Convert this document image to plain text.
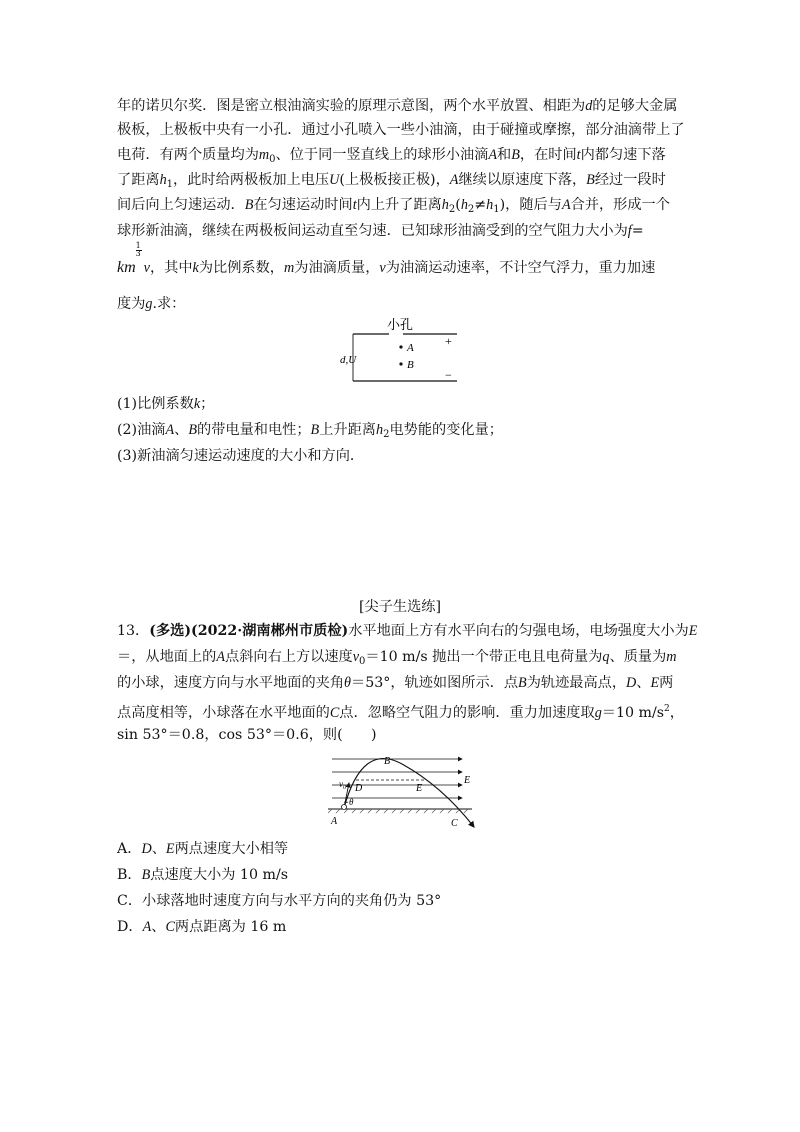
年的诺贝尔奖．图是密立根油滴实验的原理示意图，两个水平放置、相距为d的足够大金属
极板，上极板中央有一小孔．通过小孔喷入一些小油滴，由于碰撞或摩擦，部分油滴带上了
电荷．有两个质量均为$m_0$、位于同一竖直线上的球形小油滴A和B，在时间t内都匀速下落
了距离$h_1$，此时给两极板加上电压U(上极板接正极)，A继续以原速度下落，B经过一段时
间后向上匀速运动．B在匀速运动时间t内上升了距离$h_2(h_2\ne h_1)$，随后与A合并，形成一个
球形新油滴，继续在两极板间运动直至匀速．已知球形油滴受到的空气阻力大小为f=
km $\frac{1}{3}$ v，其中k为比例系数，m为油滴质量，v为油滴运动速率，不计空气浮力，重力加速
度为g.求：
小孔
+
−
d,U
A
B
(1)比例系数k；
(2)油滴A、B的带电量和电性；B上升距离$h_2$电势能的变化量；
(3)新油滴匀速运动速度的大小和方向．
[尖子生选练]
13．(多选)(2022·湖南郴州市质检)水平地面上方有水平向右的匀强电场，电场强度大小为E
＝，从地面上的A点斜向右上方以速度$v_0=10$ m/s 抛出一个带正电且电荷量为q、质量为m
的小球，速度方向与水平地面的夹角θ＝53°，轨迹如图所示．点B为轨迹最高点，D、E两
点高度相等，小球落在水平地面的C点．忽略空气阻力的影响．重力加速度取g＝10 $m/s^2$，
sin 53°＝0.8，cos 53°＝0.6，则(　　)
B
$v_0$ D	E
E
θ
A	C
A．D、E两点速度大小相等
B．B点速度大小为 10 m/s
C．小球落地时速度方向与水平方向的夹角仍为 53°
D．A、C两点距离为 16 m
